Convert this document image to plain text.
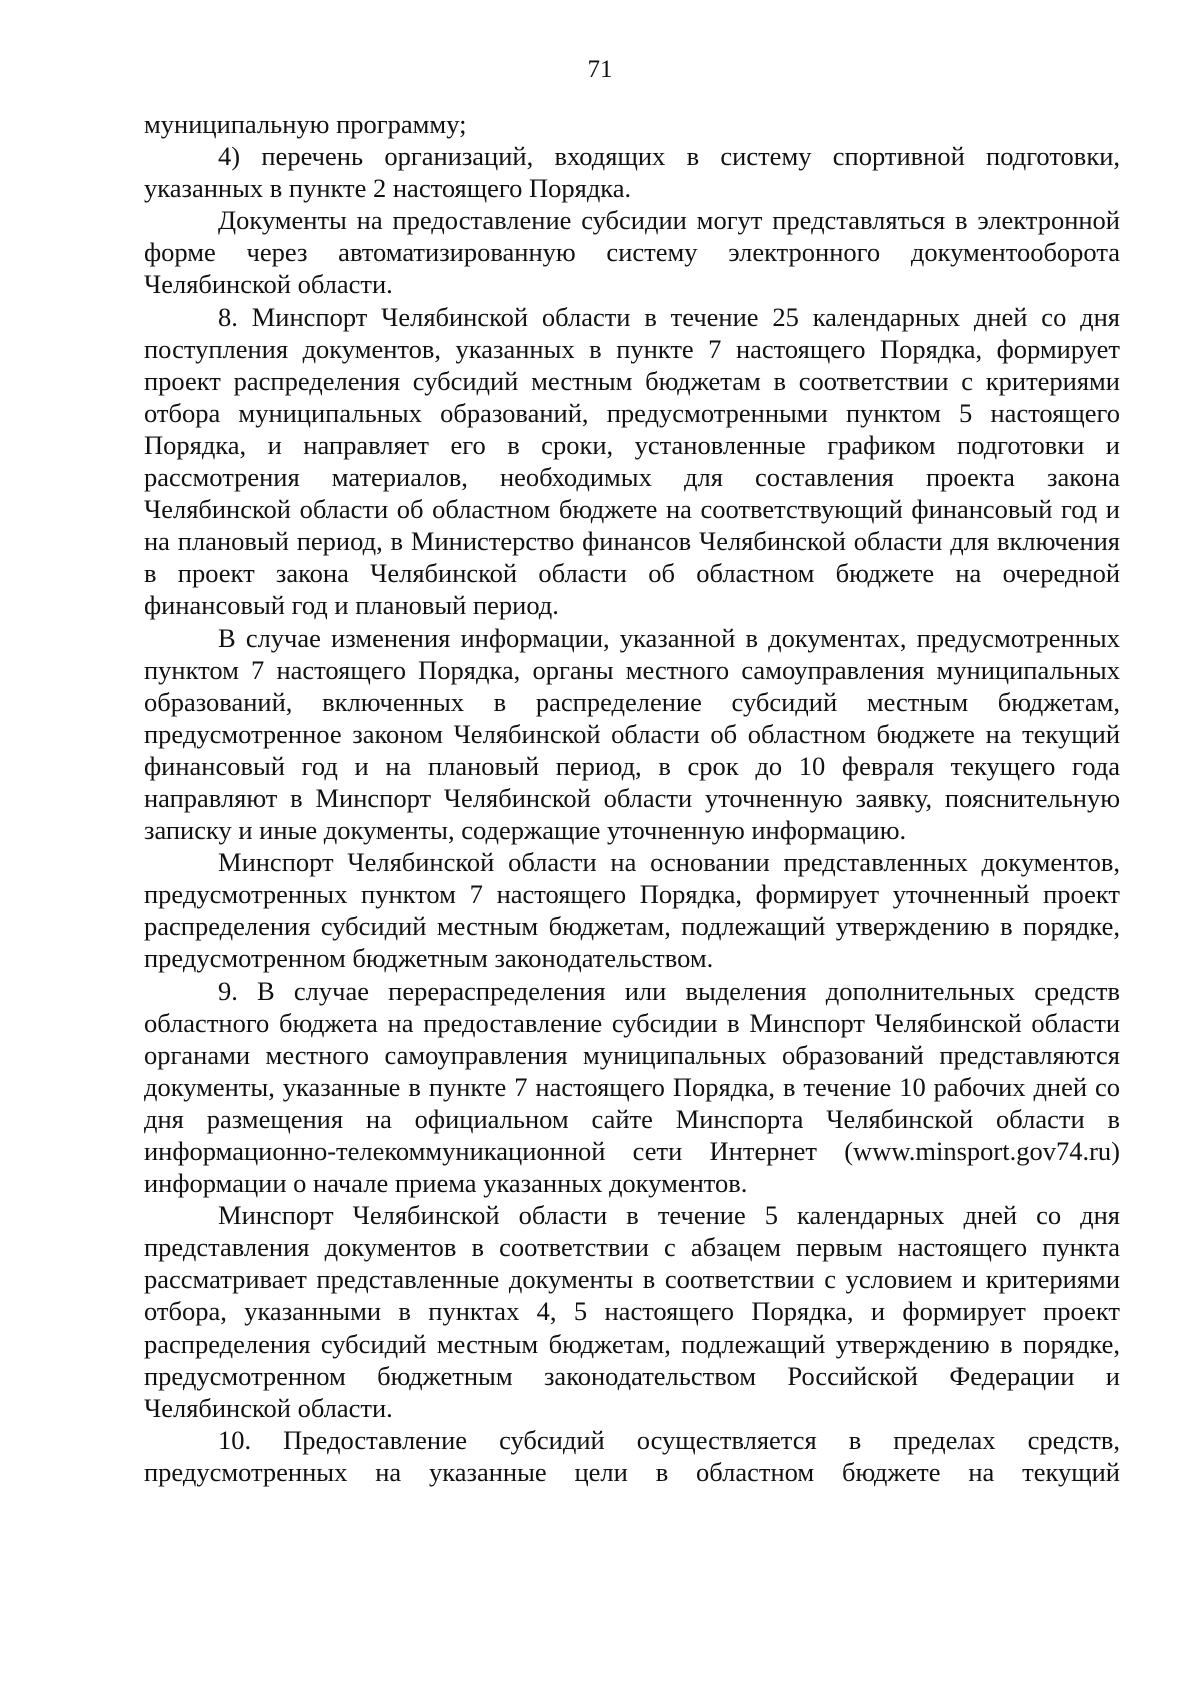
71

муниципальную программу;

4) перечень организаций, входящих в систему спортивной подготовки, указанных в пункте 2 настоящего Порядка.

Документы на предоставление субсидии могут представляться в электронной форме через автоматизированную систему электронного документооборота Челябинской области.

8. Минспорт Челябинской области в течение 25 календарных дней со дня поступления документов, указанных в пункте 7 настоящего Порядка, формирует проект распределения субсидий местным бюджетам в соответствии с критериями отбора муниципальных образований, предусмотренными пунктом 5 настоящего Порядка, и направляет его в сроки, установленные графиком подготовки и рассмотрения материалов, необходимых для составления проекта закона Челябинской области об областном бюджете на соответствующий финансовый год и на плановый период, в Министерство финансов Челябинской области для включения в проект закона Челябинской области об областном бюджете на очередной финансовый год и плановый период.

В случае изменения информации, указанной в документах, предусмотренных пунктом 7 настоящего Порядка, органы местного самоуправления муниципальных образований, включенных в распределение субсидий местным бюджетам, предусмотренное законом Челябинской области об областном бюджете на текущий финансовый год и на плановый период, в срок до 10 февраля текущего года направляют в Минспорт Челябинской области уточненную заявку, пояснительную записку и иные документы, содержащие уточненную информацию.

Минспорт Челябинской области на основании представленных документов, предусмотренных пунктом 7 настоящего Порядка, формирует уточненный проект распределения субсидий местным бюджетам, подлежащий утверждению в порядке, предусмотренном бюджетным законодательством.

9. В случае перераспределения или выделения дополнительных средств областного бюджета на предоставление субсидии в Минспорт Челябинской области органами местного самоуправления муниципальных образований представляются документы, указанные в пункте 7 настоящего Порядка, в течение 10 рабочих дней со дня размещения на официальном сайте Минспорта Челябинской области в информационно-телекоммуникационной сети Интернет (www.minsport.gov74.ru) информации о начале приема указанных документов.

Минспорт Челябинской области в течение 5 календарных дней со дня представления документов в соответствии с абзацем первым настоящего пункта рассматривает представленные документы в соответствии с условием и критериями отбора, указанными в пунктах 4, 5 настоящего Порядка, и формирует проект распределения субсидий местным бюджетам, подлежащий утверждению в порядке, предусмотренном бюджетным законодательством Российской Федерации и Челябинской области.

10. Предоставление субсидий осуществляется в пределах средств, предусмотренных на указанные цели в областном бюджете на текущий
